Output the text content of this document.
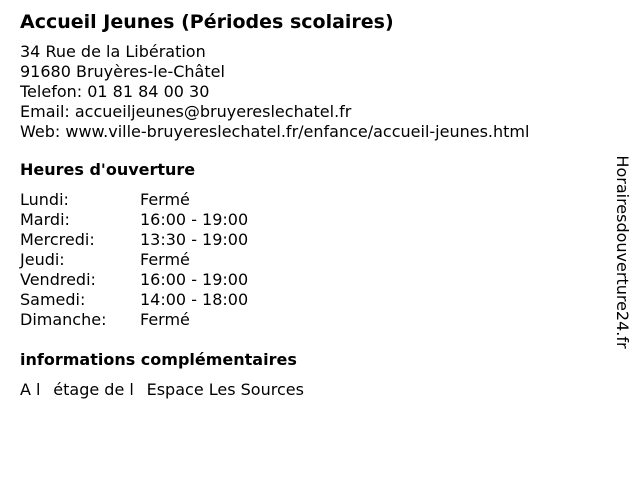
Accueil Jeunes (Périodes scolaires)
34 Rue de la Libération
91680 Bruyères-le-Châtel
Telefon: 01 81 84 00 30
Email: accueiljeunes@bruyereslechatel.fr
Web: www.ville-bruyereslechatel.fr/enfance/accueil-jeunes.html
Heures d'ouverture
Lundi:	Fermé
Mardi:	16:00 - 19:00
Mercredi:	13:30 - 19:00
Jeudi:	Fermé
Vendredi:	16:00 - 19:00
Samedi:	14:00 - 18:00
Dimanche:	Fermé
informations complémentaires
A létage de lEspace Les Sources
Horairesdouverture24.fr
